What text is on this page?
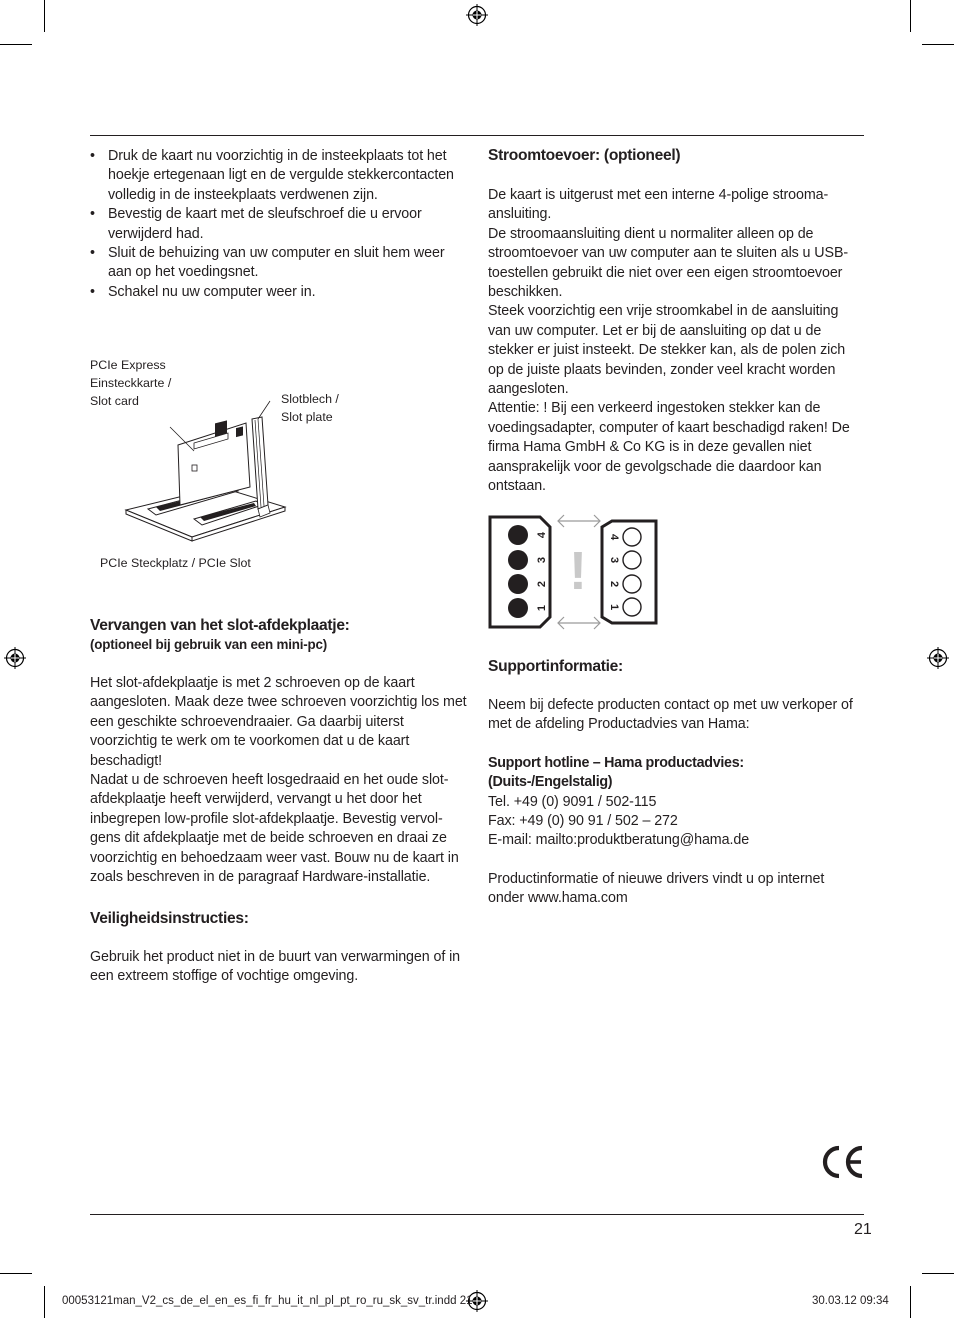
• Druk de kaart nu voorzichtig in de insteekplaats tot het hoekje ertegenaan ligt en de vergulde stekkercontacten volledig in de insteekplaats verdwenen zijn.
• Bevestig de kaart met de sleufschroef die u ervoor verwijderd had.
• Sluit de behuizing van uw computer en sluit hem weer aan op het voedingsnet.
• Schakel nu uw computer weer in.
PCIe Express
Einsteckkarte /
Slot card	Slotblech /
Slot plate
PCIe Steckplatz / PCIe Slot
Vervangen van het slot-afdekplaatje:
(optioneel bij gebruik van een mini-pc)

Het slot-afdekplaatje is met 2 schroeven op de kaart aangesloten. Maak deze twee schroeven voorzichtig los met een geschikte schroevendraaier. Ga daarbij uiterst voorzichtig te werk om te voorkomen dat u de kaart beschadigt!

Nadat u de schroeven heeft losgedraaid en het oude slot-afdekplaatje heeft verwijderd, vervangt u het door het inbegrepen low-profile slot-afdekplaatje. Bevestig vervol-gens dit afdekplaatje met de beide schroeven en draai ze voorzichtig en behoedzaam weer vast. Bouw nu de kaart in zoals beschreven in de paragraaf Hardware-installatie.

Veiligheidsinstructies:

Gebruik het product niet in de buurt van verwarmingen of in een extreem stoffige of vochtige omgeving.

Stroomtoevoer: (optioneel)

De kaart is uitgerust met een interne 4-polige strooma-ansluiting.

De stroomaansluiting dient u normaliter alleen op de stroomtoevoer van uw computer aan te sluiten als u USB-toestellen gebruikt die niet over een eigen stroomtoevoer beschikken.

Steek voorzichtig een vrije stroomkabel in de aansluiting van uw computer. Let er bij de aansluiting op dat u de stekker er juist insteekt. De stekker kan, als de polen zich op de juiste plaats bevinden, zonder veel kracht worden aangesloten.

Attentie: ! Bij een verkeerd ingestoken stekker kan de voedingsadapter, computer of kaart beschadigd raken! De firma Hama GmbH & Co KG is in deze gevallen niet aansprakelijk voor de gevolgschade die daardoor kan ontstaan.

1
2
3
4	4
3
2
1
!
Supportinformatie:

Neem bij defecte producten contact op met uw verkoper of met de afdeling Productadvies van Hama:

Support hotline – Hama productadvies:

(Duits-/Engelstalig)

Tel. +49 (0) 9091 / 502-115

Fax: +49 (0) 90 91 / 502 – 272

E-mail: mailto:produktberatung@hama.de

Productinformatie of nieuwe drivers vindt u op internet onder www.hama.com

CE
21
00053121man_V2_cs_de_el_en_es_fi_fr_hu_it_nl_pl_pt_ro_ru_sk_sv_tr.indd 21	30.03.12 09:34
